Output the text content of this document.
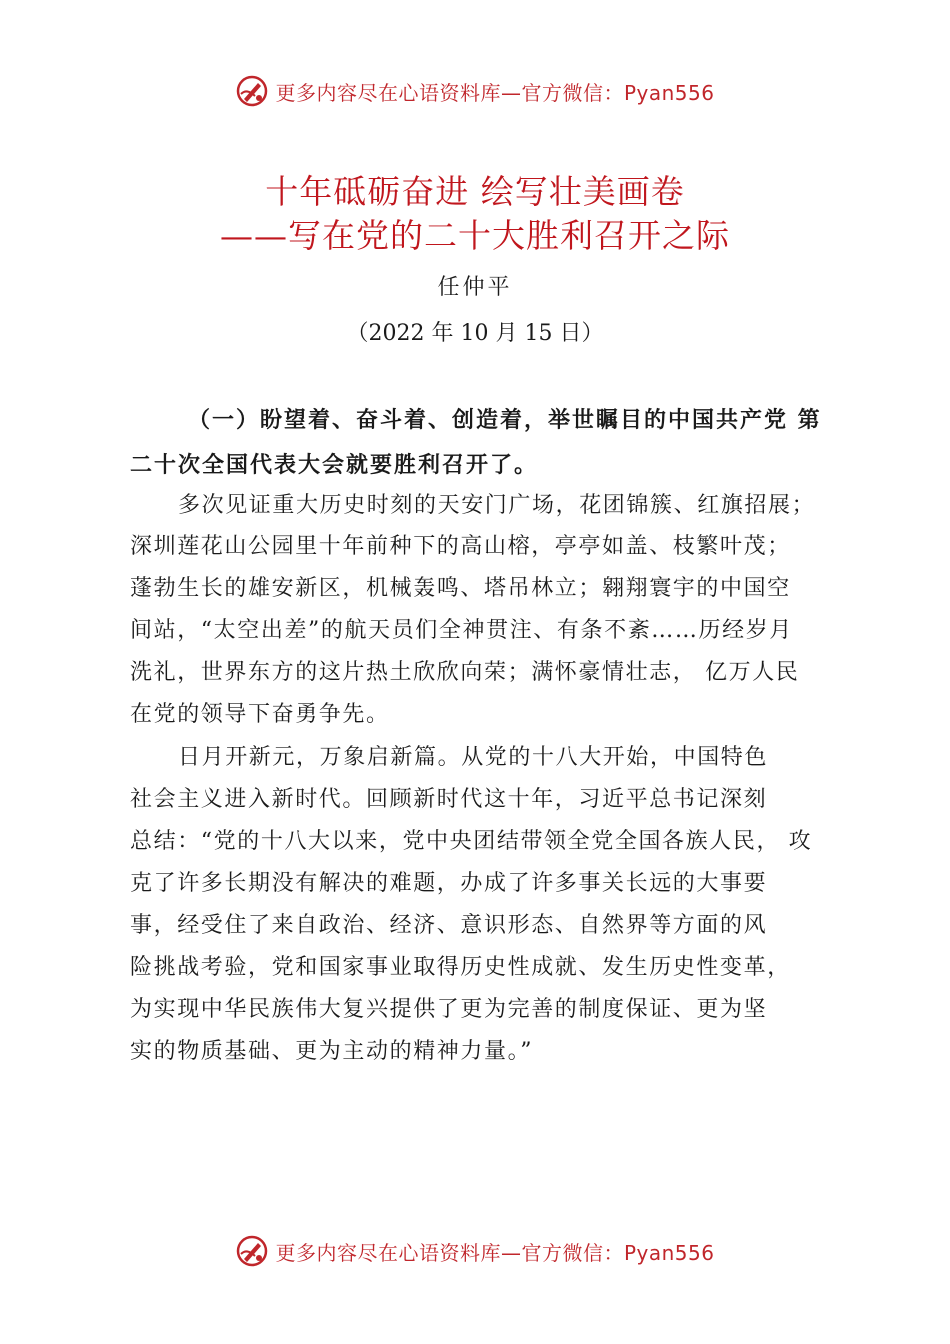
更多内容尽在心语资料库—官方微信：Pyan556
十年砥砺奋进 绘写壮美画卷
——写在党的二十大胜利召开之际
任仲平
（2022 年 10 月 15 日）
（一）盼望着、奋斗着、创造着，举世瞩目的中国共产党 第
二十次全国代表大会就要胜利召开了。
多次见证重大历史时刻的天安门广场，花团锦簇、红旗招展；
深圳莲花山公园里十年前种下的高山榕，亭亭如盖、枝繁叶茂；
蓬勃生长的雄安新区，机械轰鸣、塔吊林立；翱翔寰宇的中国空
间站，“太空出差”的航天员们全神贯注、有条不紊……历经岁月
洗礼，世界东方的这片热土欣欣向荣；满怀豪情壮志， 亿万人民
在党的领导下奋勇争先。
日月开新元，万象启新篇。从党的十八大开始，中国特色
社会主义进入新时代。回顾新时代这十年，习近平总书记深刻
总结：“党的十八大以来，党中央团结带领全党全国各族人民， 攻
克了许多长期没有解决的难题，办成了许多事关长远的大事要
事，经受住了来自政治、经济、意识形态、自然界等方面的风
险挑战考验，党和国家事业取得历史性成就、发生历史性变革，
为实现中华民族伟大复兴提供了更为完善的制度保证、更为坚
实的物质基础、更为主动的精神力量。”
更多内容尽在心语资料库—官方微信：Pyan556
